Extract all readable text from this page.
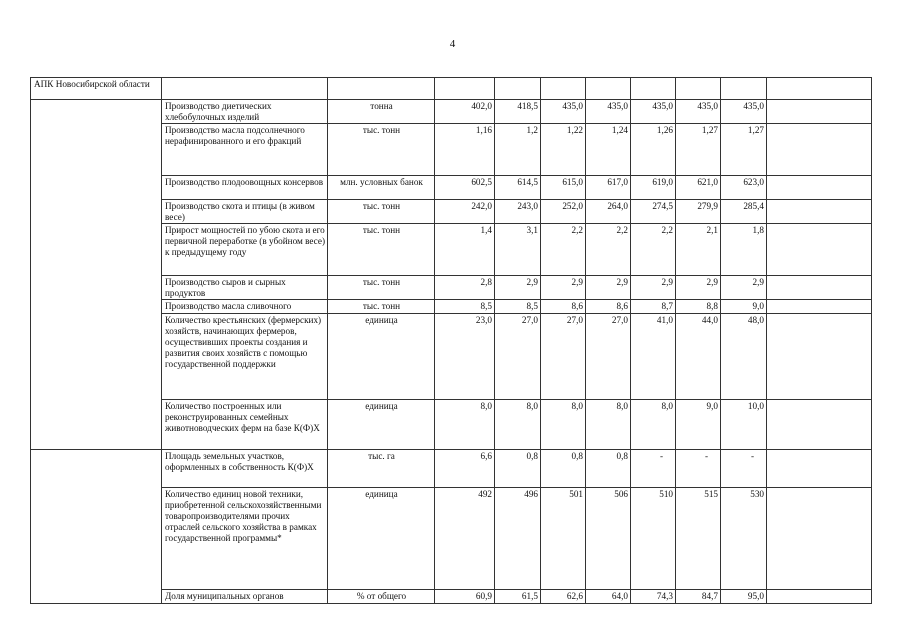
4
АПК Новосибирской области										
	Производство диетических хлебобулочных изделий	тонна	402,0	418,5	435,0	435,0	435,0	435,0	435,0	
	Производство масла подсолнечного нерафинированного и его фракций	тыс. тонн	1,16	1,2	1,22	1,24	1,26	1,27	1,27	
	Производство плодоовощных консервов	млн. условных банок	602,5	614,5	615,0	617,0	619,0	621,0	623,0	
	Производство скота и птицы (в живом весе)	тыс. тонн	242,0	243,0	252,0	264,0	274,5	279,9	285,4	
	Прирост мощностей по убою скота и его первичной переработке (в убойном весе) к предыдущему году	тыс. тонн	1,4	3,1	2,2	2,2	2,2	2,1	1,8	
	Производство сыров и сырных продуктов	тыс. тонн	2,8	2,9	2,9	2,9	2,9	2,9	2,9	
	Производство масла сливочного	тыс. тонн	8,5	8,5	8,6	8,6	8,7	8,8	9,0	
	Количество крестьянских (фермерских) хозяйств, начинающих фермеров, осуществивших проекты создания и развития своих хозяйств с помощью государственной поддержки	единица	23,0	27,0	27,0	27,0	41,0	44,0	48,0	
	Количество построенных или реконструированных семейных животноводческих ферм на базе К(Ф)Х	единица	8,0	8,0	8,0	8,0	8,0	9,0	10,0	
	Площадь земельных участков, оформленных в собственность К(Ф)Х	тыс. га	6,6	0,8	0,8	0,8	-	-	-	
	Количество единиц новой техники, приобретенной сельскохозяйственными товаропроизводителями прочих отраслей сельского хозяйства в рамках государственной программы*	единица	492	496	501	506	510	515	530	
	Доля муниципальных органов	% от общего	60,9	61,5	62,6	64,0	74,3	84,7	95,0	
